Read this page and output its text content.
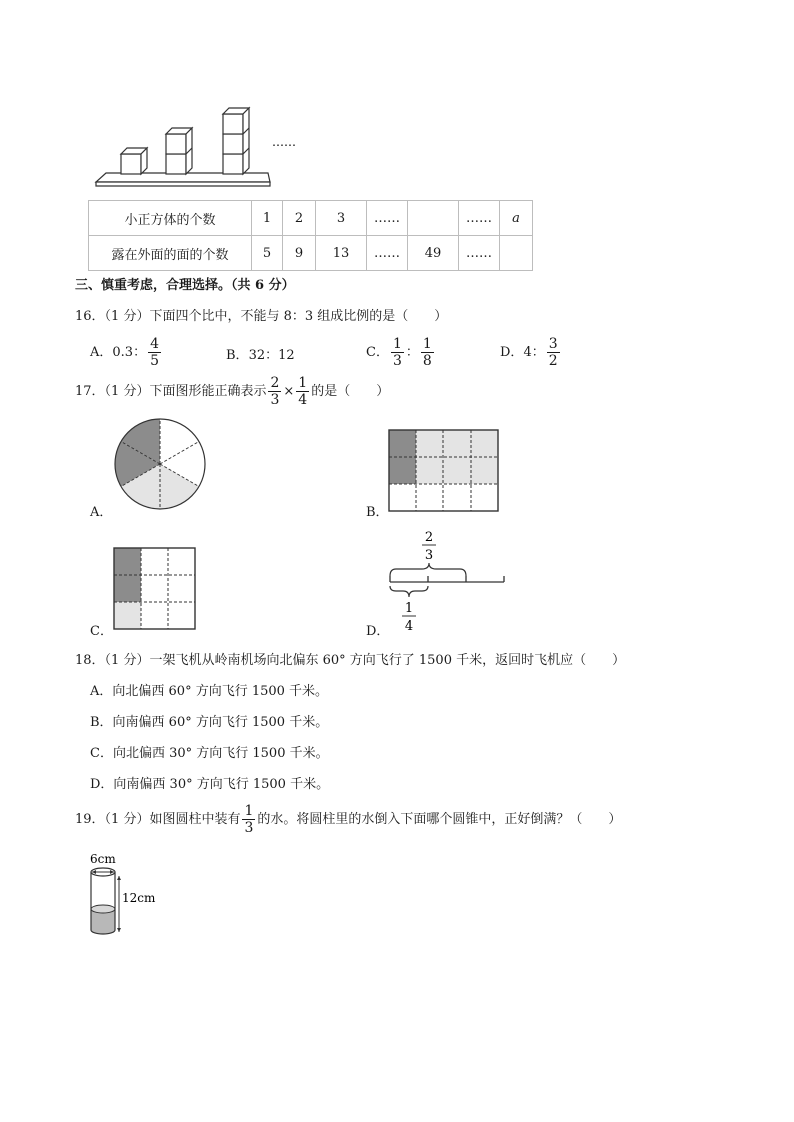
……
小正方体的个数	1	2	3	……		……	a
露在外面的面的个数	5	9	13	……	49	……	
三、慎重考虑，合理选择。（共 6 分）
16．（1 分）下面四个比中，不能与 8：3 组成比例的是（　　）
A．0.3： $\frac{4}{5}$	B．32：12	C． $\frac{1}{3}$ ： $\frac{1}{8}$	D．4： $\frac{3}{2}$
17．（1 分）下面图形能正确表示 $\frac{2}{3} \times \frac{1}{4}$ 的是（　　）
A．	B．
C．
2
3
1
4
D．
18．（1 分）一架飞机从岭南机场向北偏东 60° 方向飞行了 1500 千米，返回时飞机应（　　）
A．向北偏西 60° 方向飞行 1500 千米。
B．向南偏西 60° 方向飞行 1500 千米。
C．向北偏西 30° 方向飞行 1500 千米。
D．向南偏西 30° 方向飞行 1500 千米。
19．（1 分）如图圆柱中装有 $\frac{1}{3}$ 的水。将圆柱里的水倒入下面哪个圆锥中，正好倒满？（　　）
6cm
12cm
